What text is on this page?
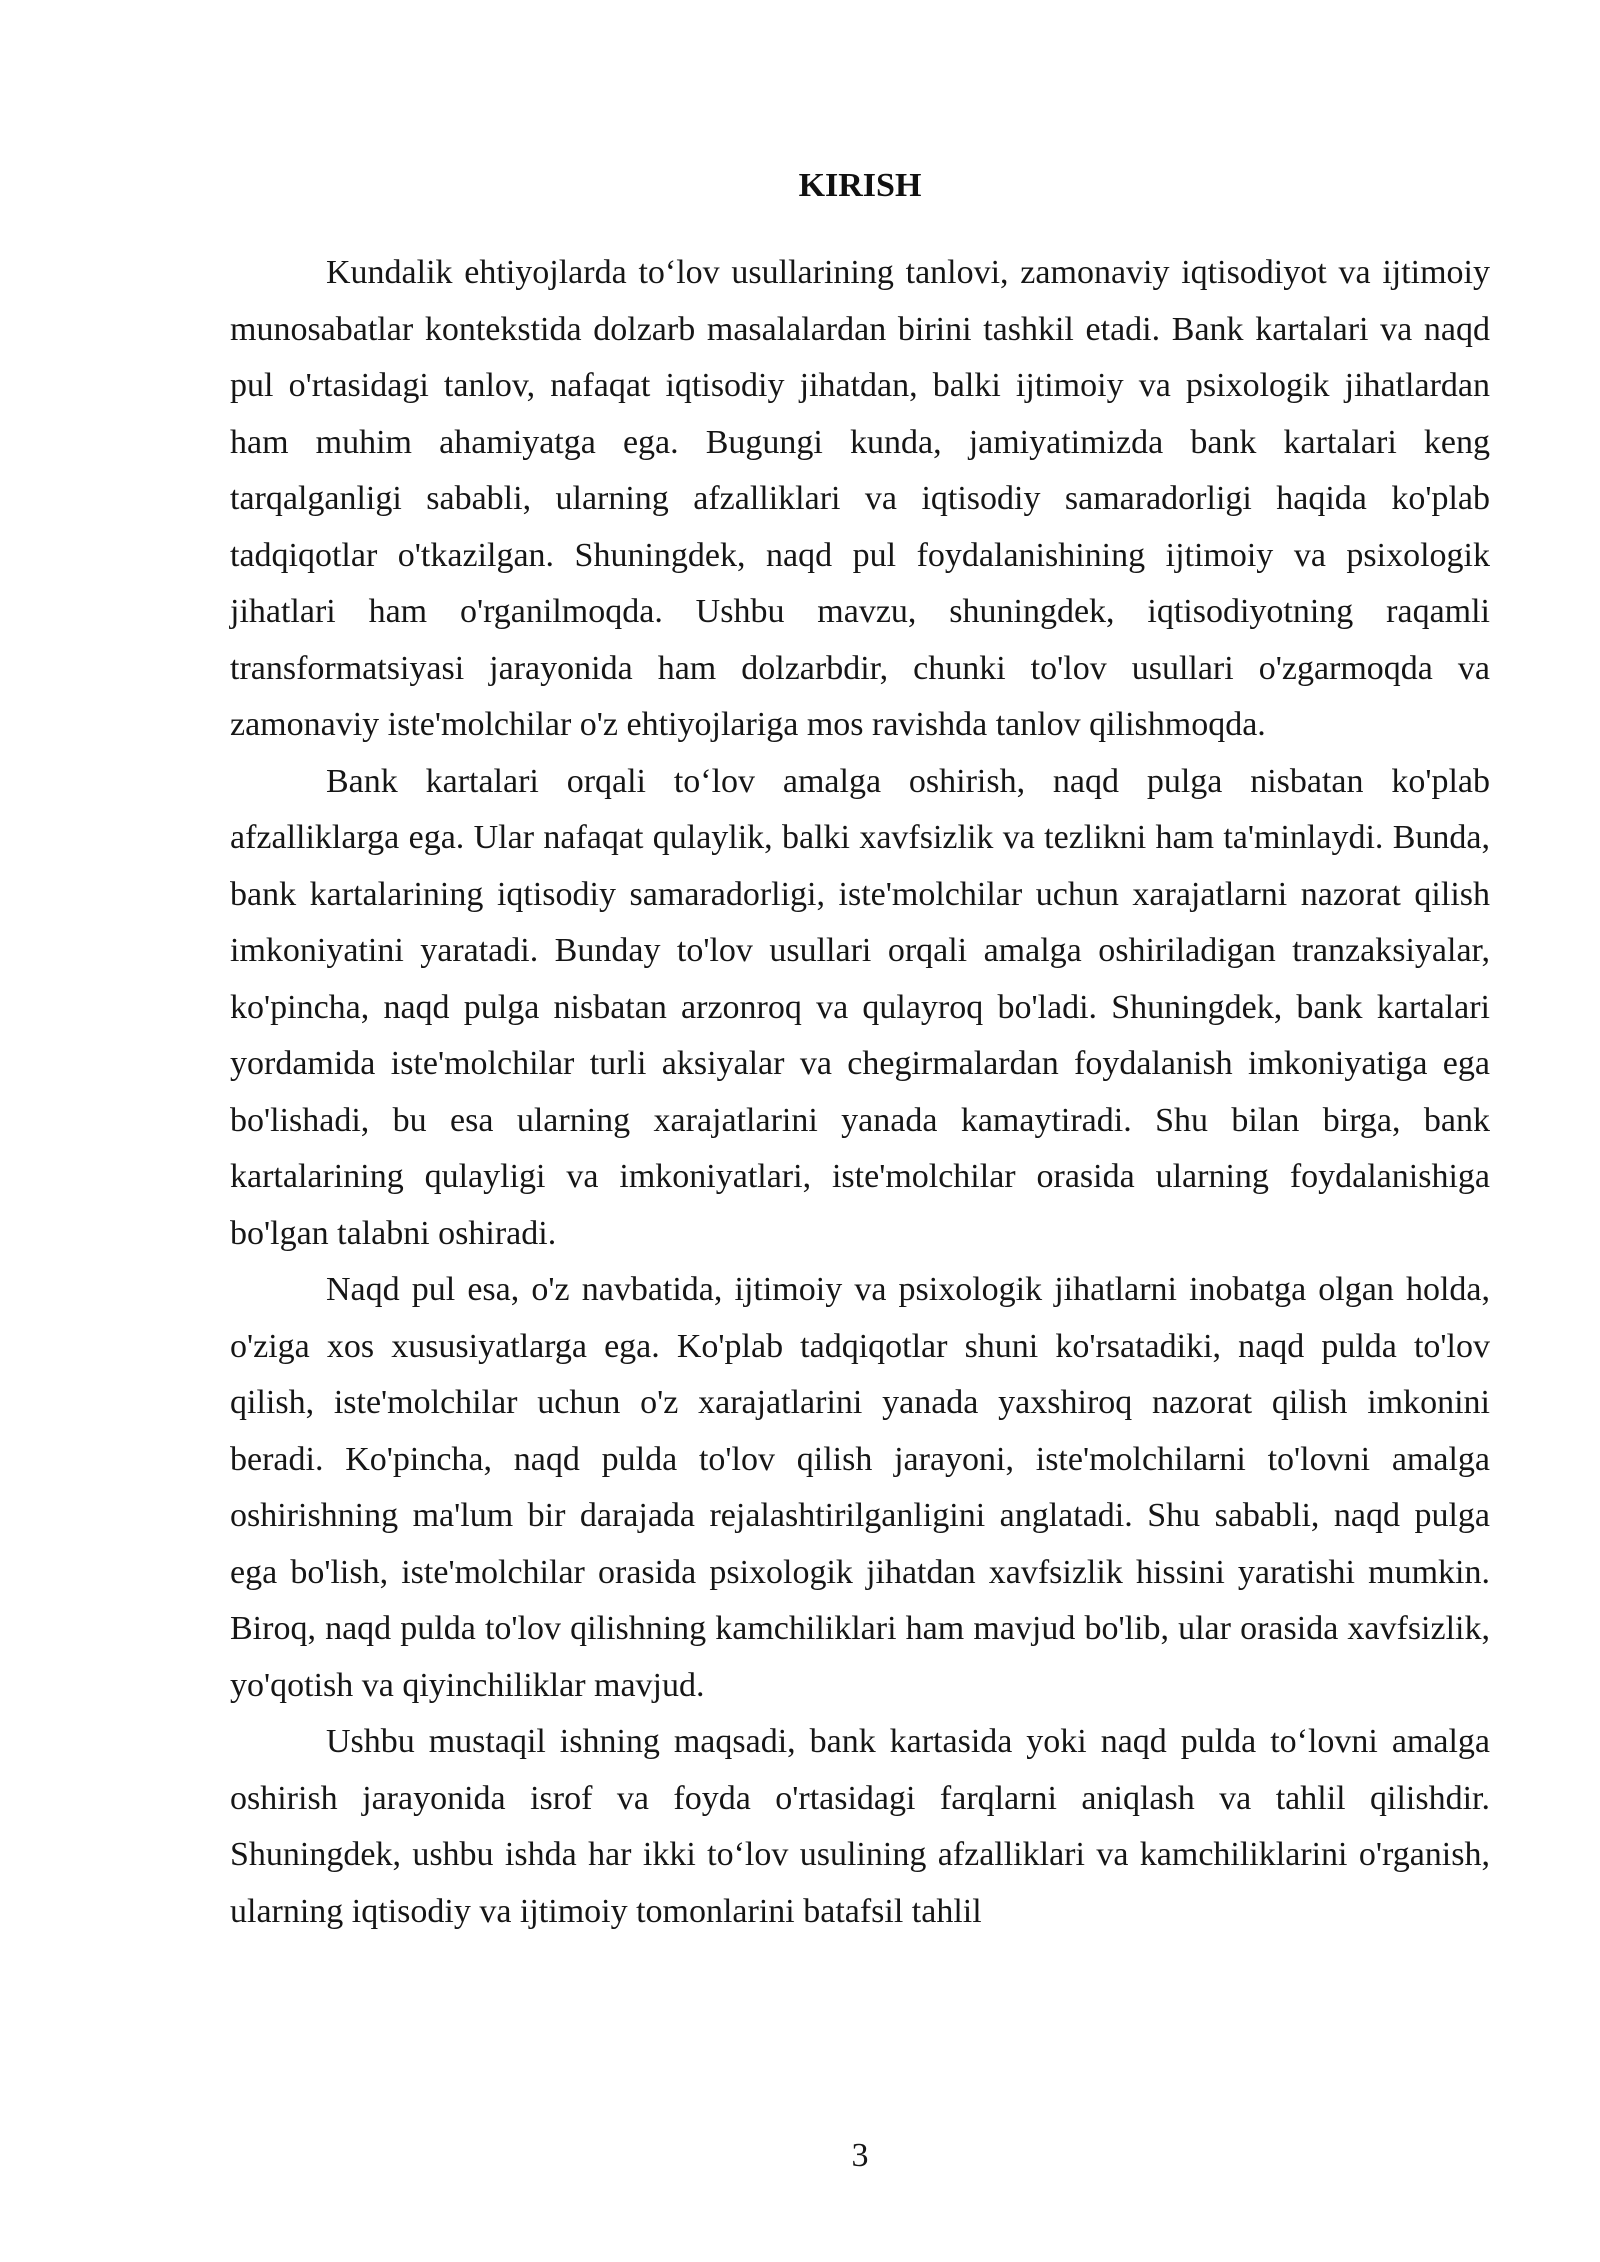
KIRISH

Kundalik ehtiyojlarda to‘lov usullarining tanlovi, zamonaviy iqtisodiyot va ijtimoiy munosabatlar kontekstida dolzarb masalalardan birini tashkil etadi. Bank kartalari va naqd pul o'rtasidagi tanlov, nafaqat iqtisodiy jihatdan, balki ijtimoiy va psixologik jihatlardan ham muhim ahamiyatga ega. Bugungi kunda, jamiyatimizda bank kartalari keng tarqalganligi sababli, ularning afzalliklari va iqtisodiy samaradorligi haqida ko'plab tadqiqotlar o'tkazilgan. Shuningdek, naqd pul foydalanishining ijtimoiy va psixologik jihatlari ham o'rganilmoqda. Ushbu mavzu, shuningdek, iqtisodiyotning raqamli transformatsiyasi jarayonida ham dolzarbdir, chunki to'lov usullari o'zgarmoqda va zamonaviy iste'molchilar o'z ehtiyojlariga mos ravishda tanlov qilishmoqda.

Bank kartalari orqali to‘lov amalga oshirish, naqd pulga nisbatan ko'plab afzalliklarga ega. Ular nafaqat qulaylik, balki xavfsizlik va tezlikni ham ta'minlaydi. Bunda, bank kartalarining iqtisodiy samaradorligi, iste'molchilar uchun xarajatlarni nazorat qilish imkoniyatini yaratadi. Bunday to'lov usullari orqali amalga oshiriladigan tranzaksiyalar, ko'pincha, naqd pulga nisbatan arzonroq va qulayroq bo'ladi. Shuningdek, bank kartalari yordamida iste'molchilar turli aksiyalar va chegirmalardan foydalanish imkoniyatiga ega bo'lishadi, bu esa ularning xarajatlarini yanada kamaytiradi. Shu bilan birga, bank kartalarining qulayligi va imkoniyatlari, iste'molchilar orasida ularning foydalanishiga bo'lgan talabni oshiradi.

Naqd pul esa, o'z navbatida, ijtimoiy va psixologik jihatlarni inobatga olgan holda, o'ziga xos xususiyatlarga ega. Ko'plab tadqiqotlar shuni ko'rsatadiki, naqd pulda to'lov qilish, iste'molchilar uchun o'z xarajatlarini yanada yaxshiroq nazorat qilish imkonini beradi. Ko'pincha, naqd pulda to'lov qilish jarayoni, iste'molchilarni to'lovni amalga oshirishning ma'lum bir darajada rejalashtirilganligini anglatadi. Shu sababli, naqd pulga ega bo'lish, iste'molchilar orasida psixologik jihatdan xavfsizlik hissini yaratishi mumkin. Biroq, naqd pulda to'lov qilishning kamchiliklari ham mavjud bo'lib, ular orasida xavfsizlik, yo'qotish va qiyinchiliklar mavjud.

Ushbu mustaqil ishning maqsadi, bank kartasida yoki naqd pulda to‘lovni amalga oshirish jarayonida isrof va foyda o'rtasidagi farqlarni aniqlash va tahlil qilishdir. Shuningdek, ushbu ishda har ikki to‘lov usulining afzalliklari va kamchiliklarini o'rganish, ularning iqtisodiy va ijtimoiy tomonlarini batafsil tahlil

3
